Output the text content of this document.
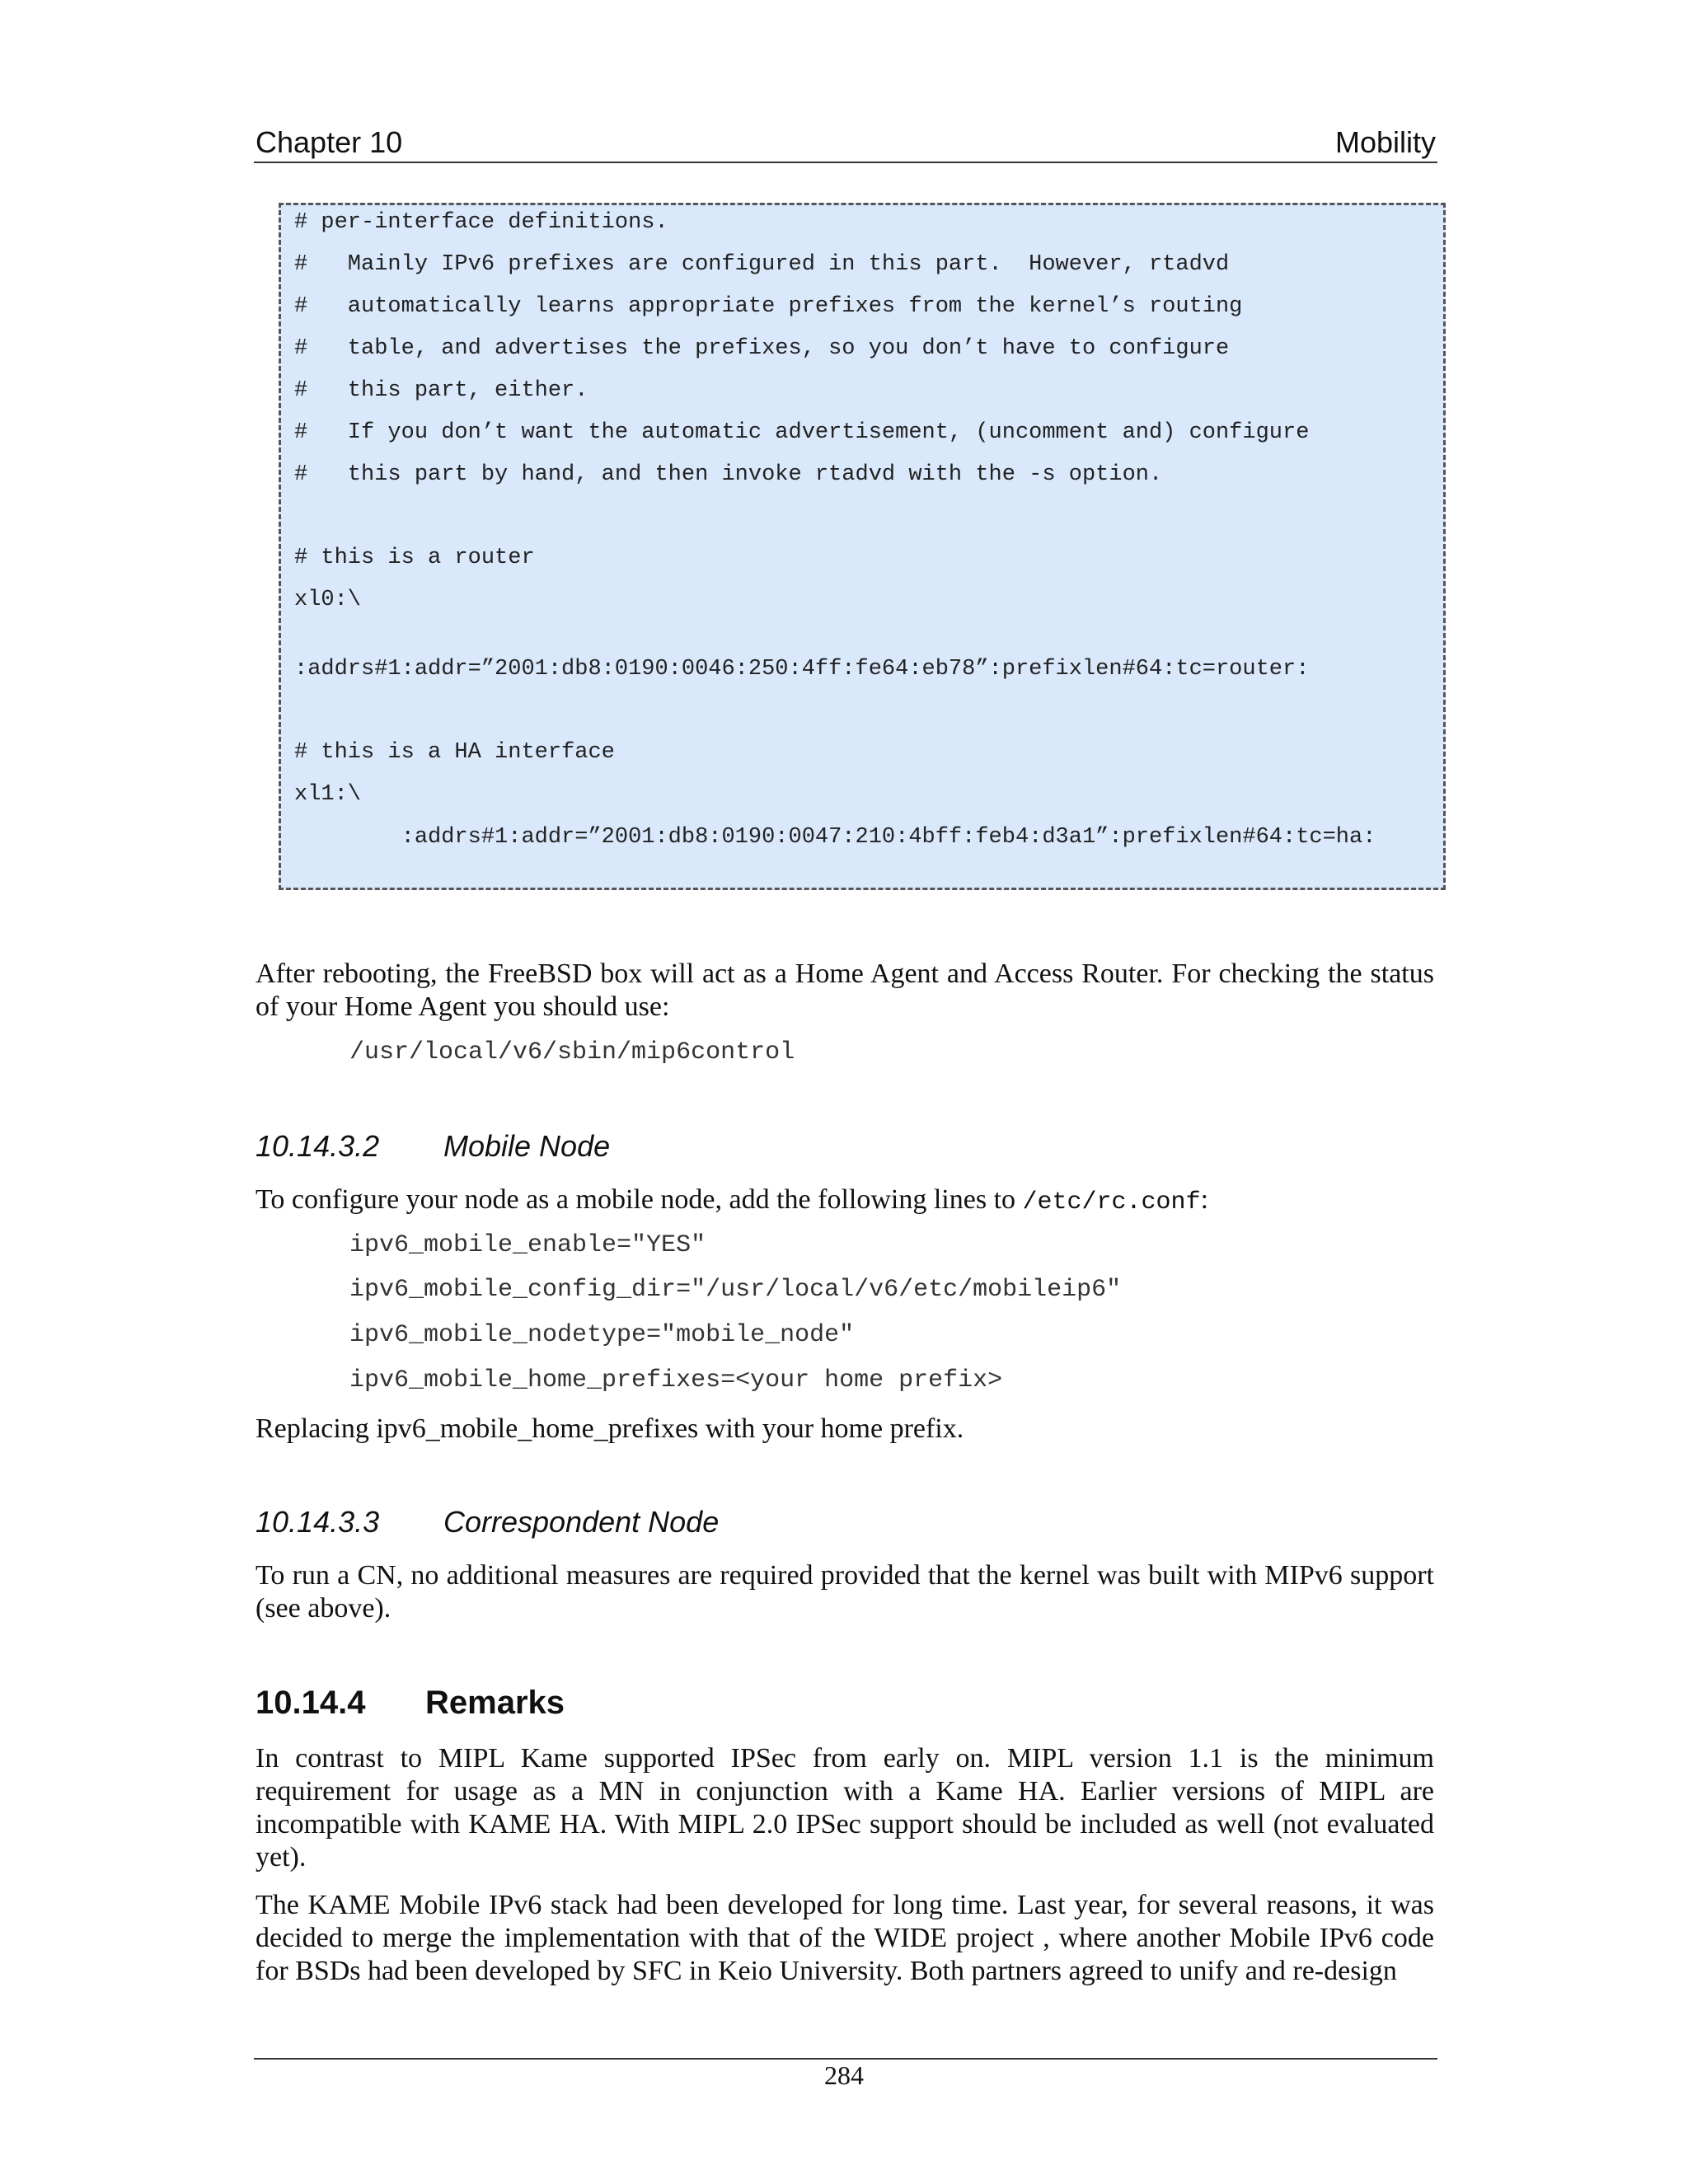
Chapter 10	Mobility
# per-interface definitions.
#   Mainly IPv6 prefixes are configured in this part.  However, rtadvd
#   automatically learns appropriate prefixes from the kernel’s routing
#   table, and advertises the prefixes, so you don’t have to configure
#   this part, either.
#   If you don’t want the automatic advertisement, (uncomment and) configure
#   this part by hand, and then invoke rtadvd with the -s option.
# this is a router
xl0:\
:addrs#1:addr=”2001:db8:0190:0046:250:4ff:fe64:eb78”:prefixlen#64:tc=router:
# this is a HA interface
xl1:\
:addrs#1:addr=”2001:db8:0190:0047:210:4bff:feb4:d3a1”:prefixlen#64:tc=ha:
After rebooting, the FreeBSD box will act as a Home Agent and Access Router. For checking the status of your Home Agent you should use:
/usr/local/v6/sbin/mip6control
10.14.3.2 Mobile Node
To configure your node as a mobile node, add the following lines to /etc/rc.conf:
ipv6_mobile_enable="YES"
ipv6_mobile_config_dir="/usr/local/v6/etc/mobileip6"
ipv6_mobile_nodetype="mobile_node"
ipv6_mobile_home_prefixes=<your home prefix>
Replacing ipv6_mobile_home_prefixes with your home prefix.
10.14.3.3 Correspondent Node
To run a CN, no additional measures are required provided that the kernel was built with MIPv6 support (see above).
10.14.4 Remarks
In contrast to MIPL Kame supported IPSec from early on. MIPL version 1.1 is the minimum requirement for usage as a MN in conjunction with a Kame HA. Earlier versions of MIPL are incompatible with KAME HA. With MIPL 2.0 IPSec support should be included as well (not evaluated yet).
The KAME Mobile IPv6 stack had been developed for long time. Last year, for several reasons, it was decided to merge the implementation with that of the WIDE project , where another Mobile IPv6 code for BSDs had been developed by SFC in Keio University. Both partners agreed to unify and re-design
284
